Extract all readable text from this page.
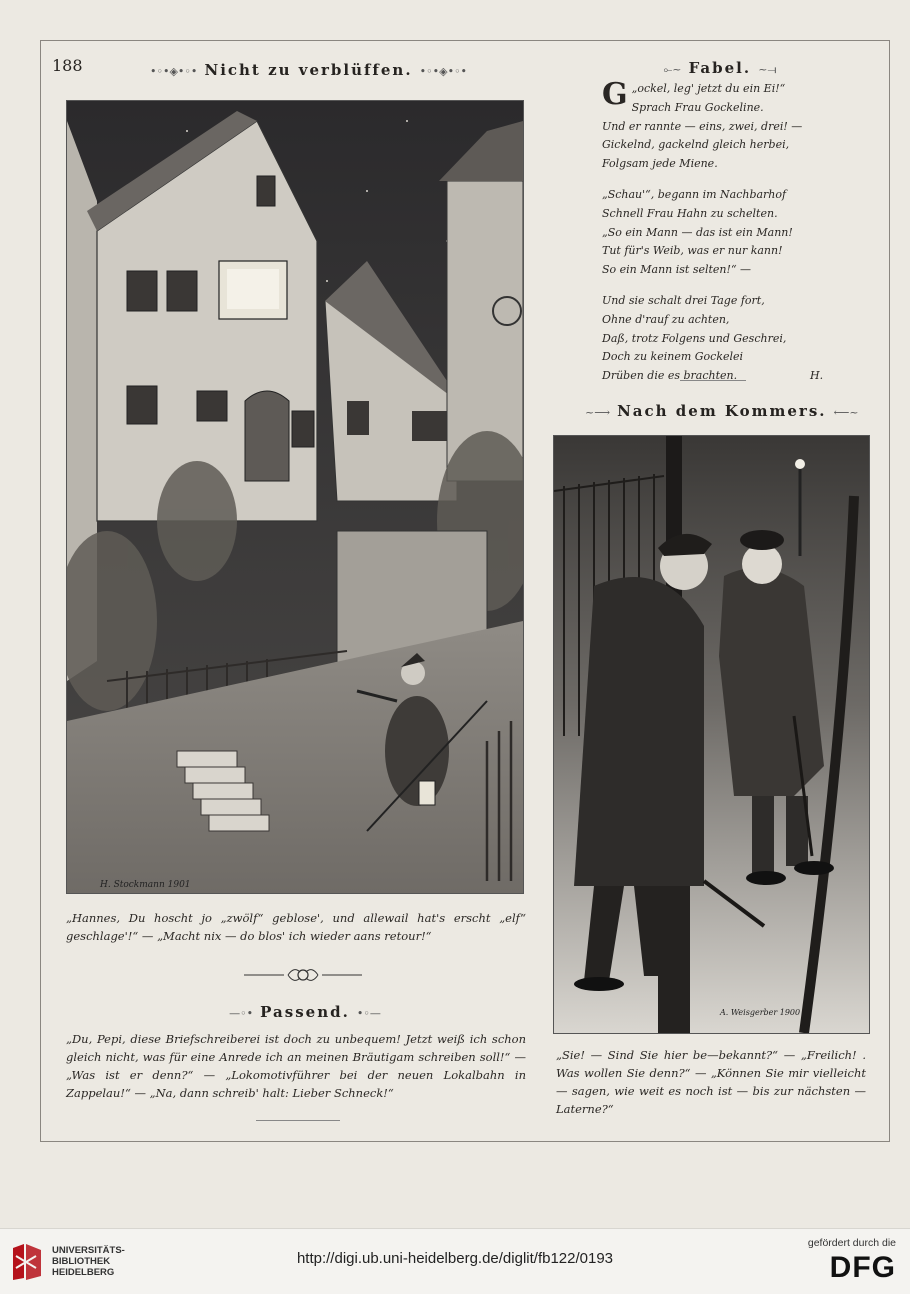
188	•◦•◈•◦• Nicht zu verblüffen. •◦•◈•◦•
H. Stockmann 1901
„Hannes, Du hoscht jo „zwölf“ geblose', und allewail hat's erscht „elf“ geschlage'!“ — „Macht nix — do blos' ich wieder aans retour!“
—◦• Passend. •◦—
„Du, Pepi, diese Briefschreiberei ist doch zu unbequem! Jetzt weiß ich schon gleich nicht, was für eine Anrede ich an meinen Bräutigam schreiben soll!“ — „Was ist er denn?“ — „Lokomotivführer bei der neuen Lokalbahn in Zappelau!“ — „Na, dann schreib' halt: Lieber Schneck!“
⟜~ Fabel. ~⟞
G „ockel, leg' jetzt du ein Ei!“
Sprach Frau Gockeline.
Und er rannte — eins, zwei, drei! —
Gickelnd, gackelnd gleich herbei,
Folgsam jede Miene.
„Schau'“, begann im Nachbarhof
Schnell Frau Hahn zu schelten.
„So ein Mann — das ist ein Mann!
Tut für's Weib, was er nur kann!
So ein Mann ist selten!“ —
Und sie schalt drei Tage fort,
Ohne d'rauf zu achten,
Daß, trotz Folgens und Geschrei,
Doch zu keinem Gockelei
Drüben die es brachten.	H.
~⟶ Nach dem Kommers. ⟵~
A. Weisgerber 1900
„Sie! — Sind Sie hier be—bekannt?“ — „Freilich! . Was wollen Sie denn?“ — „Können Sie mir vielleicht — sagen, wie weit es noch ist — bis zur nächsten — Laterne?“
UNIVERSITÄTS-
BIBLIOTHEK
HEIDELBERG
http://digi.ub.uni-heidelberg.de/diglit/fb122/0193
gefördert durch die
DFG
